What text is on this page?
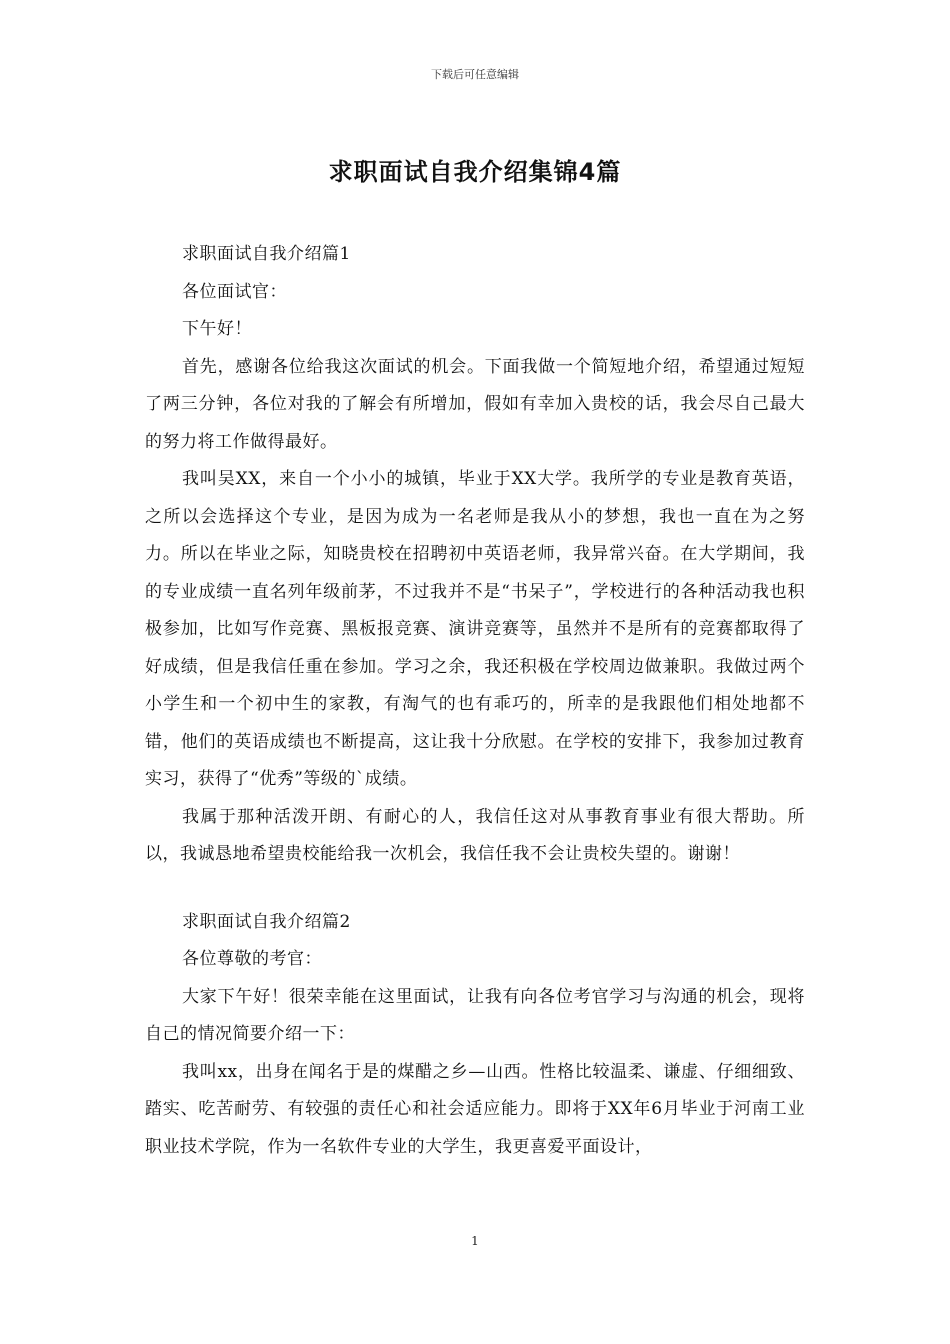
下载后可任意编辑
求职面试自我介绍集锦4篇

求职面试自我介绍篇1

各位面试官：

下午好！

首先，感谢各位给我这次面试的机会。下面我做一个简短地介绍，希望通过短短了两三分钟，各位对我的了解会有所增加，假如有幸加入贵校的话，我会尽自己最大的努力将工作做得最好。

我叫吴XX，来自一个小小的城镇，毕业于XX大学。我所学的专业是教育英语，之所以会选择这个专业，是因为成为一名老师是我从小的梦想，我也一直在为之努力。所以在毕业之际，知晓贵校在招聘初中英语老师，我异常兴奋。在大学期间，我的专业成绩一直名列年级前茅，不过我并不是“书呆子”，学校进行的各种活动我也积极参加，比如写作竞赛、黑板报竞赛、演讲竞赛等，虽然并不是所有的竞赛都取得了好成绩，但是我信任重在参加。学习之余，我还积极在学校周边做兼职。我做过两个小学生和一个初中生的家教，有淘气的也有乖巧的，所幸的是我跟他们相处地都不错，他们的英语成绩也不断提高，这让我十分欣慰。在学校的安排下，我参加过教育实习，获得了“优秀”等级的`成绩。

我属于那种活泼开朗、有耐心的人，我信任这对从事教育事业有很大帮助。所以，我诚恳地希望贵校能给我一次机会，我信任我不会让贵校失望的。谢谢！

求职面试自我介绍篇2

各位尊敬的考官：

大家下午好！很荣幸能在这里面试，让我有向各位考官学习与沟通的机会，现将自己的情况简要介绍一下：

我叫xx，出身在闻名于是的煤醋之乡—山西。性格比较温柔、谦虚、仔细细致、踏实、吃苦耐劳、有较强的责任心和社会适应能力。即将于XX年6月毕业于河南工业职业技术学院，作为一名软件专业的大学生，我更喜爱平面设计，

1
